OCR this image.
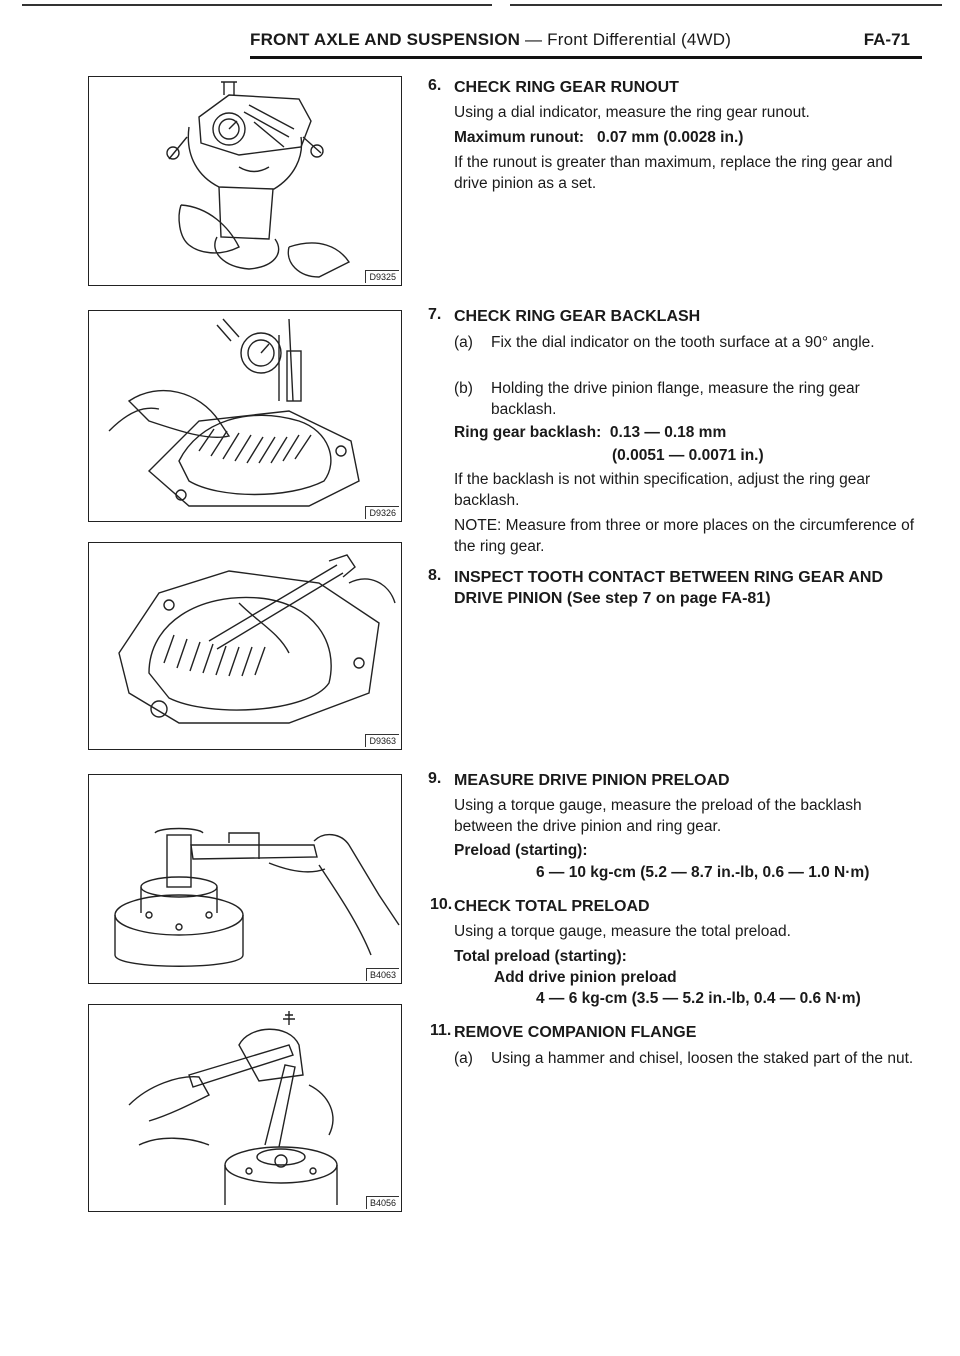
FRONT AXLE AND SUSPENSION — Front Differential (4WD)	FA-71
D9325
D9326
D9363
B4063
B4056
6. CHECK RING GEAR RUNOUT
Using a dial indicator, measure the ring gear runout.
Maximum runout: 0.07 mm (0.0028 in.)
If the runout is greater than maximum, replace the ring gear and drive pinion as a set.
7. CHECK RING GEAR BACKLASH
(a) Fix the dial indicator on the tooth surface at a 90° angle.
(b) Holding the drive pinion flange, measure the ring gear backlash.
Ring gear backlash: 0.13 — 0.18 mm
(0.0051 — 0.0071 in.)
If the backlash is not within specification, adjust the ring gear backlash.
NOTE: Measure from three or more places on the circumference of the ring gear.
8. INSPECT TOOTH CONTACT BETWEEN RING GEAR AND DRIVE PINION (See step 7 on page FA-81)
9. MEASURE DRIVE PINION PRELOAD
Using a torque gauge, measure the preload of the backlash between the drive pinion and ring gear.
Preload (starting):
6 — 10 kg-cm (5.2 — 8.7 in.-lb, 0.6 — 1.0 N·m)
10. CHECK TOTAL PRELOAD
Using a torque gauge, measure the total preload.
Total preload (starting):
Add drive pinion preload
4 — 6 kg-cm (3.5 — 5.2 in.-lb, 0.4 — 0.6 N·m)
11. REMOVE COMPANION FLANGE
(a) Using a hammer and chisel, loosen the staked part of the nut.
